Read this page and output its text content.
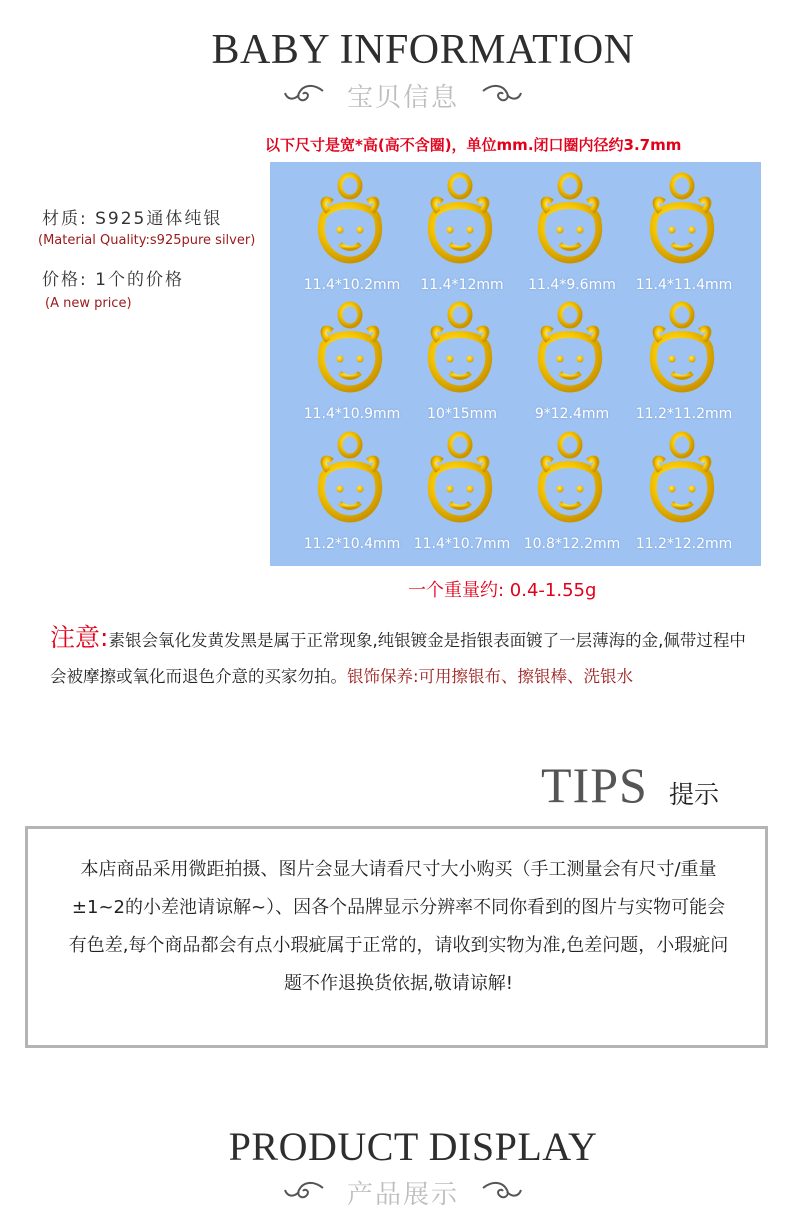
BABY INFORMATION
宝贝信息
以下尺寸是宽*高(高不含圈)，单位mm.闭口圈内径约3.7mm
材质: S925通体纯银
(Material Quality:s925pure silver)
价格: 1个的价格
(A new price)
11.4*10.2mm	11.4*12mm	11.4*9.6mm	11.4*11.4mm
11.4*10.9mm	10*15mm	9*12.4mm	11.2*11.2mm
11.2*10.4mm 11.4*10.7mm 10.8*12.2mm	11.2*12.2mm
一个重量约: 0.4-1.55g
注意:素银会氧化发黄发黑是属于正常现象,纯银镀金是指银表面镀了一层薄海的金,佩带过程中会被摩擦或氧化而退色介意的买家勿拍。银饰保养:可用擦银布、擦银棒、洗银水
TIPS 提示
本店商品采用微距拍摄、图片会显大请看尺寸大小购买（手工测量会有尺寸/重量±1~2的小差池请谅解~）、因各个品牌显示分辨率不同你看到的图片与实物可能会有色差,每个商品都会有点小瑕疵属于正常的，请收到实物为准,色差问题，小瑕疵问题不作退换货依据,敬请谅解!
PRODUCT DISPLAY
产品展示
